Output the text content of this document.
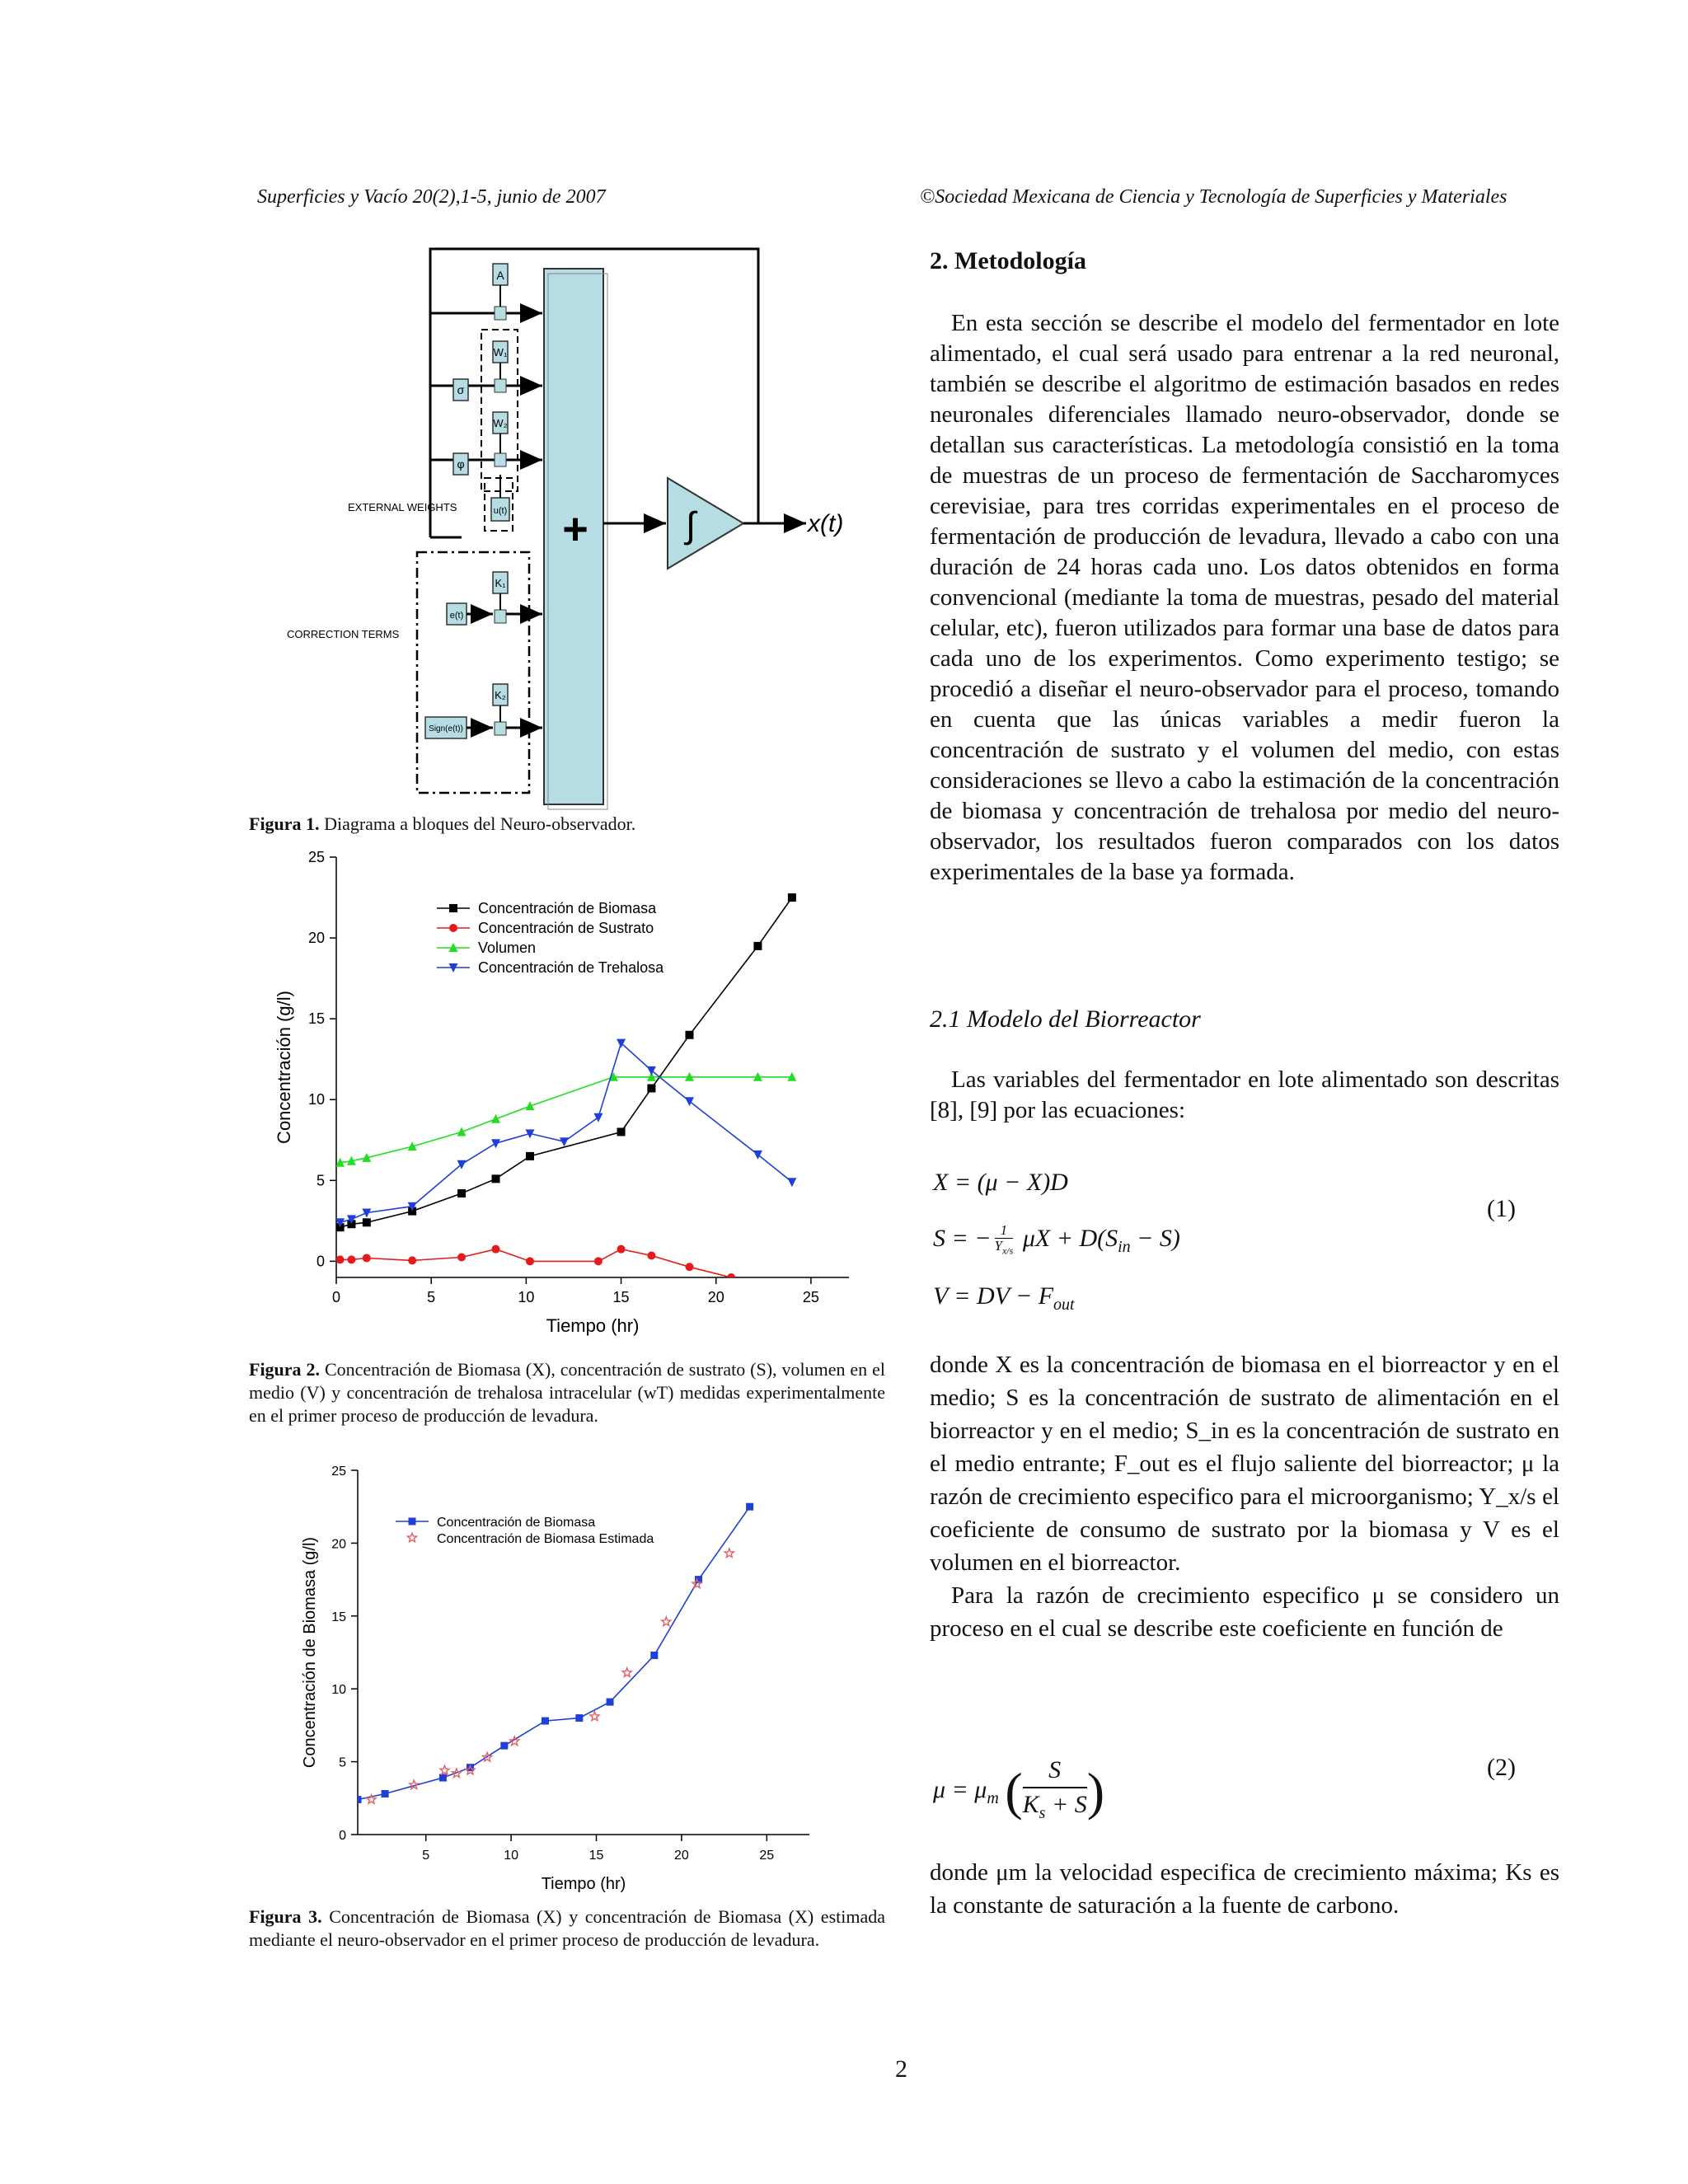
Superficies y Vacío 20(2),1-5, junio de 2007	©Sociedad Mexicana de Ciencia y Tecnología de Superficies y Materiales
+	∫	x(t)
A
W₁
σ
W₂
φ
u(t)
EXTERNAL WEIGHTS
CORRECTION TERMS
K₁
e(t)
K₂
Sign(e(t))
Figura 1. Diagrama a bloques del Neuro-observador.
0	5	10	15	20	25
0
5
10
15
20
25
Tiempo (hr)
Concentración (g/l)
Concentración de Biomasa
Concentración de Sustrato
Volumen
Concentración de Trehalosa
Figura 2. Concentración de Biomasa (X), concentración de sustrato (S), volumen en el medio (V) y concentración de trehalosa intracelular (wT) medidas experimentalmente en el primer proceso de producción de levadura.
5	10	15	20	25
0
5
10
15
20
25
Tiempo (hr)
Concentración de Biomasa (g/l)
Concentración de Biomasa
Concentración de Biomasa Estimada
Figura 3. Concentración de Biomasa (X) y concentración de Biomasa (X) estimada mediante el neuro-observador en el primer proceso de producción de levadura.
2. Metodología

En esta sección se describe el modelo del fermentador en lote alimentado, el cual será usado para entrenar a la red neuronal, también se describe el algoritmo de estimación basados en redes neuronales diferenciales llamado neuro-observador, donde se detallan sus características. La metodología consistió en la toma de muestras de un proceso de fermentación de Saccharomyces cerevisiae, para tres corridas experimentales en el proceso de fermentación de producción de levadura, llevado a cabo con una duración de 24 horas cada uno. Los datos obtenidos en forma convencional (mediante la toma de muestras, pesado del material celular, etc), fueron utilizados para formar una base de datos para cada uno de los experimentos. Como experimento testigo; se procedió a diseñar el neuro-observador para el proceso, tomando en cuenta que las únicas variables a medir fueron la concentración de sustrato y el volumen del medio, con estas consideraciones se llevo a cabo la estimación de la concentración de biomasa y concentración de trehalosa por medio del neuro-observador, los resultados fueron comparados con los datos experimentales de la base ya formada.

2.1 Modelo del Biorreactor

Las variables del fermentador en lote alimentado son descritas [8], [9] por las ecuaciones:

X = (μ − X)D
S = − 1
$Y_{x/s}$ $\mu X + D(S_{in} - S)$
V = DV − $F_{out}$
(1)

donde X es la concentración de biomasa en el biorreactor y en el medio; S es la concentración de sustrato de alimentación en el biorreactor y en el medio; S_in es la concentración de sustrato en el medio entrante; F_out es el flujo saliente del biorreactor; μ la razón de crecimiento especifico para el microorganismo; Y_x/s el coeficiente de consumo de sustrato por la biomasa y V es el volumen en el biorreactor.

Para la razón de crecimiento especifico μ se considero un proceso en el cual se describe este coeficiente en función de

$\mu = \mu_m$ (	S
$K_s + S$)	(2)

donde μm la velocidad especifica de crecimiento máxima; Ks es la constante de saturación a la fuente de carbono.

2
